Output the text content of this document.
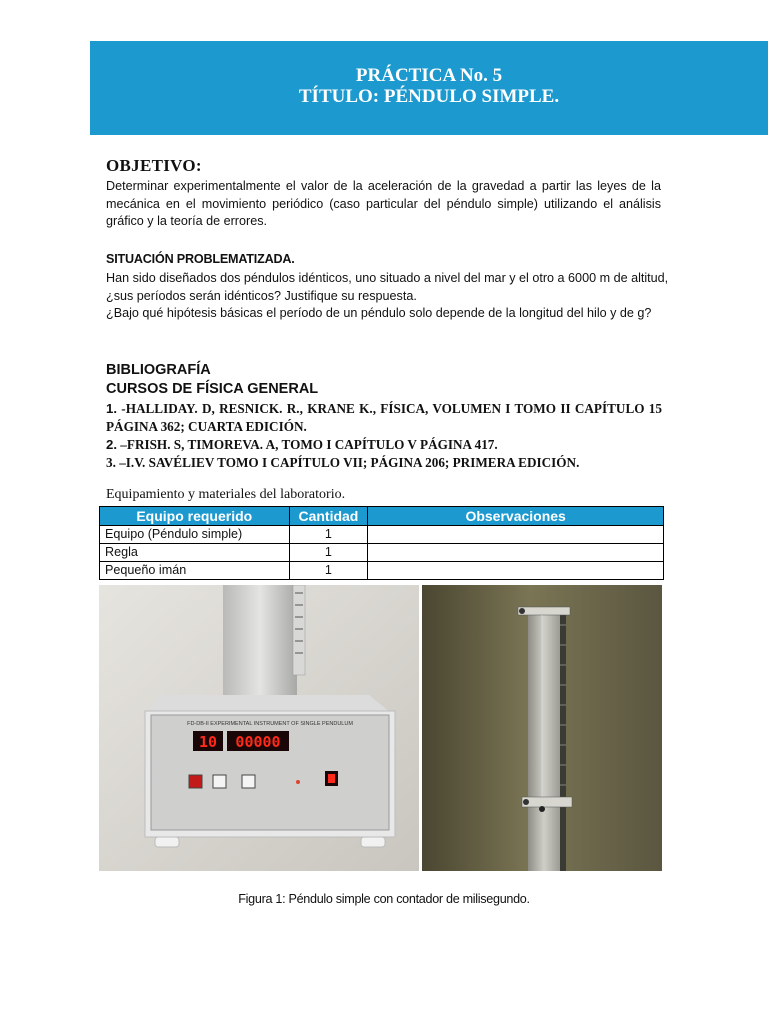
PRÁCTICA No. 5
TÍTULO: PÉNDULO SIMPLE.
OBJETIVO:
Determinar experimentalmente el valor de la aceleración de la gravedad a partir las leyes de la mecánica en el movimiento periódico (caso particular del péndulo simple) utilizando el análisis gráfico y la teoría de errores.
SITUACIÓN PROBLEMATIZADA.
Han sido diseñados dos péndulos idénticos, uno situado a nivel del mar y el otro a 6000 m de altitud,
¿sus períodos serán idénticos? Justifique su respuesta.
¿Bajo qué hipótesis básicas el período de un péndulo solo depende de la longitud del hilo y de g?
BIBLIOGRAFÍA
CURSOS DE FÍSICA GENERAL
1. -HALLIDAY. D, RESNICK. R., KRANE K., FÍSICA, VOLUMEN I TOMO II CAPÍTULO 15 PÁGINA 362; CUARTA EDICIÓN.
2. –FRISH. S, TIMOREVA. A, TOMO I CAPÍTULO V PÁGINA 417.
3. –I.V. SAVÉLIEV TOMO I CAPÍTULO VII; PÁGINA 206; PRIMERA EDICIÓN.
Equipamiento y materiales del laboratorio.
Equipo requerido	Cantidad	Observaciones
Equipo (Péndulo simple)	1	
Regla	1	
Pequeño imán	1	
FD-DB-II EXPERIMENTAL INSTRUMENT OF SINGLE PENDULUM
10 00000
Figura 1: Péndulo simple con contador de milisegundo.
